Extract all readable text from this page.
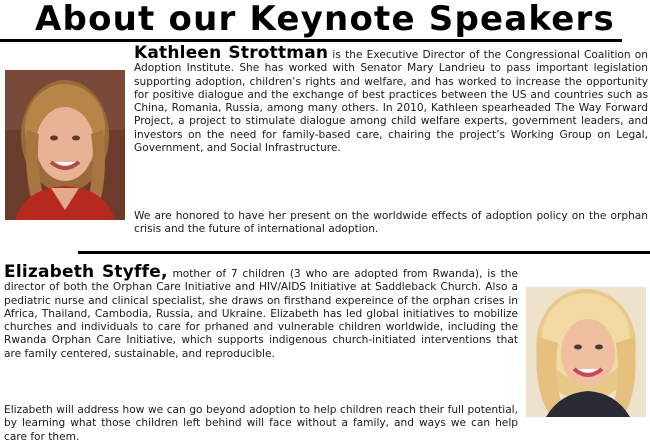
About our Keynote Speakers

Kathleen Strottman is the Executive Director of the Congressional Coalition on Adoption Institute. She has worked with Senator Mary Landrieu to pass important legislation supporting adoption, children’s rights and welfare, and has worked to increase the opportunity for positive dialogue and the exchange of best practices between the US and countries such as China, Romania, Russia, among many others. In 2010, Kathleen spearheaded The Way Forward Project, a project to stimulate dialogue among child welfare experts, government leaders, and investors on the need for family-based care, chairing the project’s Working Group on Legal, Government, and Social Infrastructure.

We are honored to have her present on the worldwide effects of adoption policy on the orphan crisis and the future of international adoption.

Elizabeth Styffe, mother of 7 children (3 who are adopted from Rwanda), is the director of both the Orphan Care Initiative and HIV/AIDS Initiative at Saddleback Church. Also a pediatric nurse and clinical specialist, she draws on firsthand expereince of the orphan crises in Africa, Thailand, Cambodia, Russia, and Ukraine. Elizabeth has led global initiatives to mobilize churches and individuals to care for prhaned and vulnerable children worldwide, including the Rwanda Orphan Care Initiative, which supports indigenous church-initiated interventions that are family centered, sustainable, and reproducible.

Elizabeth will address how we can go beyond adoption to help children reach their full potential, by learning what those children left behind will face without a family, and ways we can help care for them.
